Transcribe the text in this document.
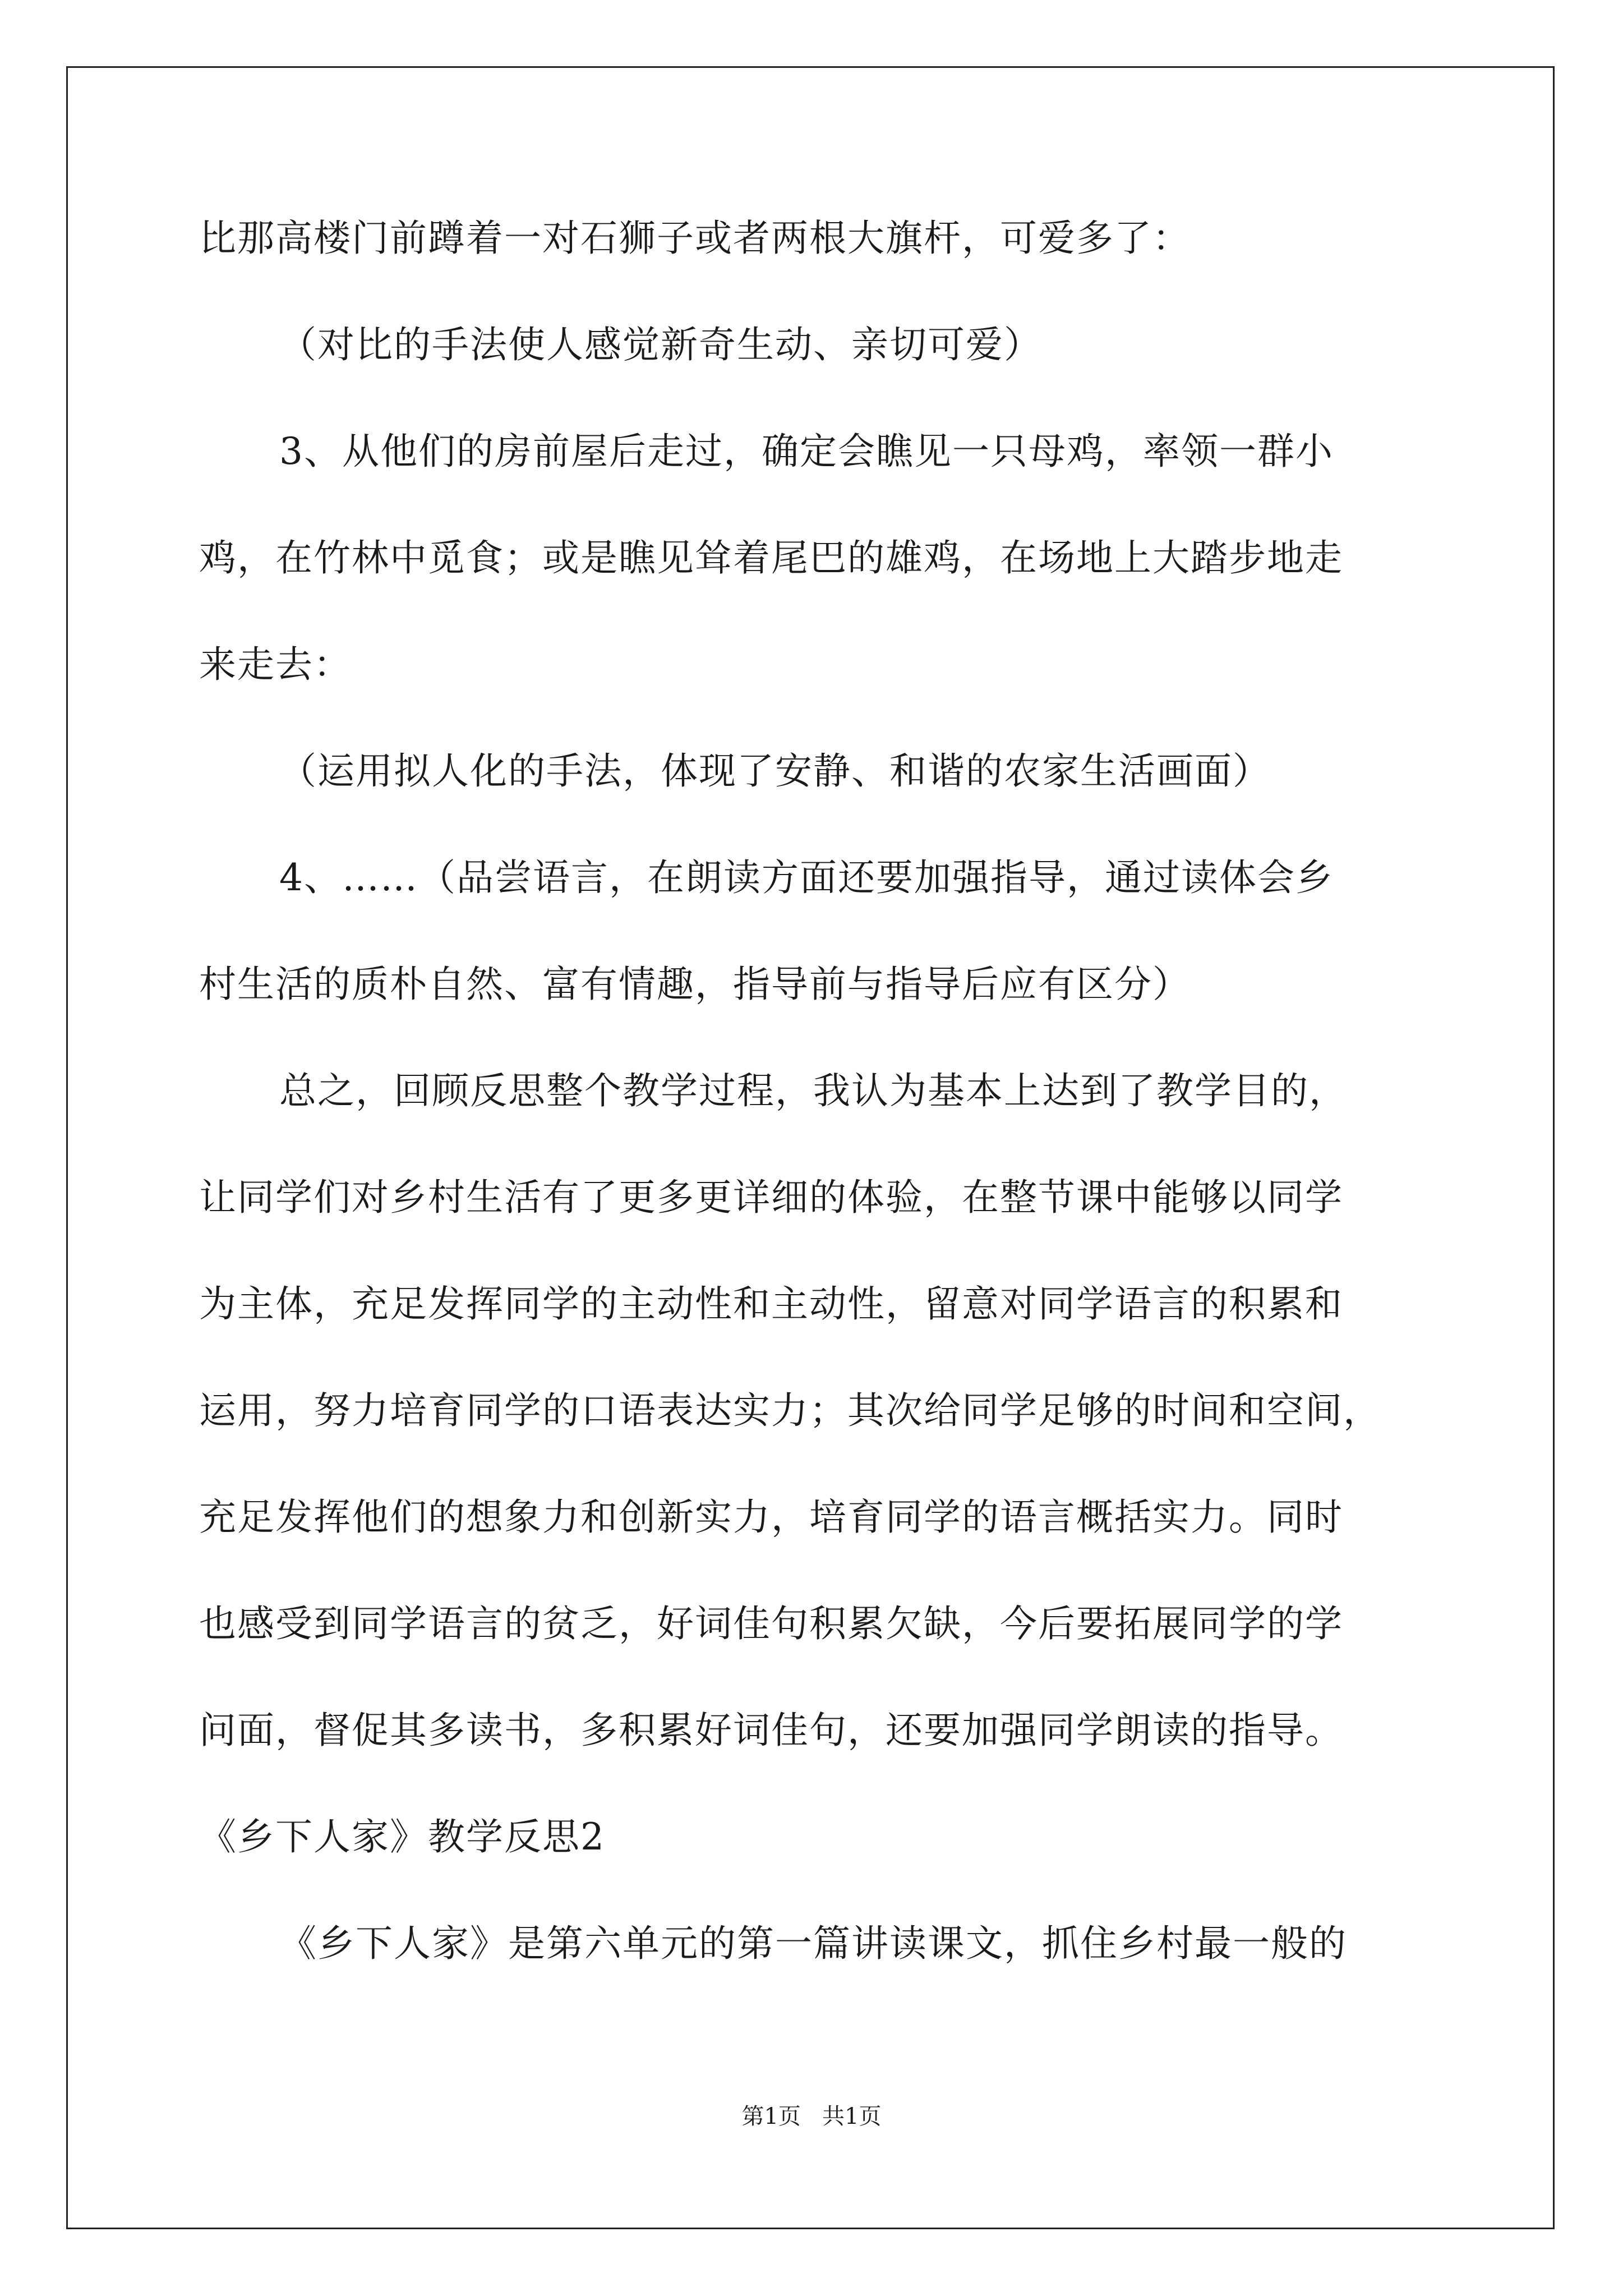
比那高楼门前蹲着一对石狮子或者两根大旗杆，可爱多了：
（对比的手法使人感觉新奇生动、亲切可爱）
3、从他们的房前屋后走过，确定会瞧见一只母鸡，率领一群小
鸡，在竹林中觅食；或是瞧见耸着尾巴的雄鸡，在场地上大踏步地走
来走去：
（运用拟人化的手法，体现了安静、和谐的农家生活画面）
4、……（品尝语言，在朗读方面还要加强指导，通过读体会乡
村生活的质朴自然、富有情趣，指导前与指导后应有区分）
总之，回顾反思整个教学过程，我认为基本上达到了教学目的，
让同学们对乡村生活有了更多更详细的体验，在整节课中能够以同学
为主体，充足发挥同学的主动性和主动性，留意对同学语言的积累和
运用，努力培育同学的口语表达实力；其次给同学足够的时间和空间，
充足发挥他们的想象力和创新实力，培育同学的语言概括实力。同时
也感受到同学语言的贫乏，好词佳句积累欠缺，今后要拓展同学的学
问面，督促其多读书，多积累好词佳句，还要加强同学朗读的指导。
《乡下人家》教学反思2
《乡下人家》是第六单元的第一篇讲读课文，抓住乡村最一般的
第1页   共1页
